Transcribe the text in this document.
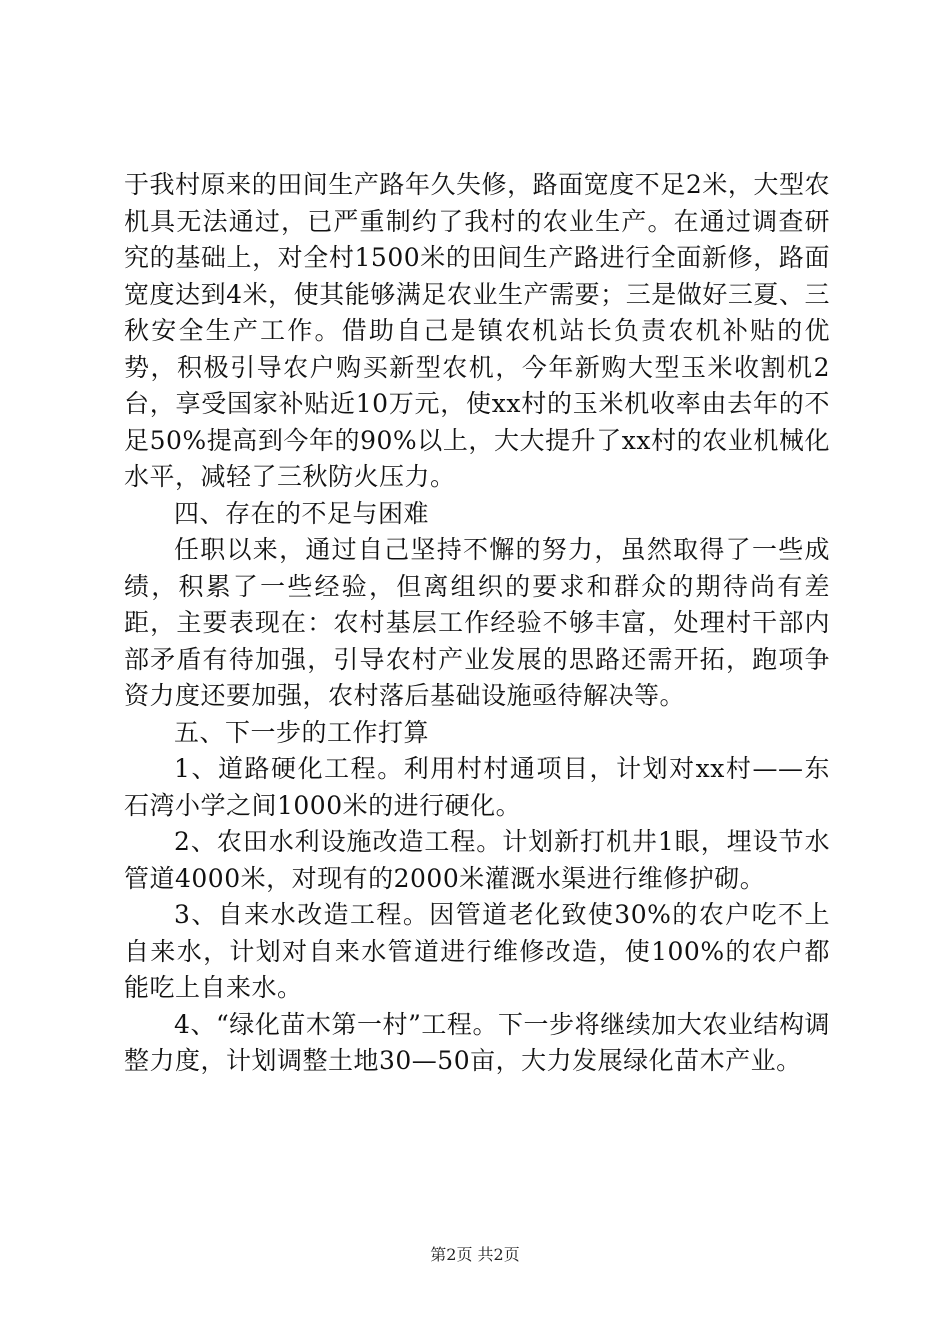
于我村原来的田间生产路年久失修，路面宽度不足2米，大型农机具无法通过，已严重制约了我村的农业生产。在通过调查研究的基础上，对全村1500米的田间生产路进行全面新修，路面宽度达到4米，使其能够满足农业生产需要；三是做好三夏、三秋安全生产工作。借助自己是镇农机站长负责农机补贴的优势，积极引导农户购买新型农机，今年新购大型玉米收割机2台，享受国家补贴近10万元，使xx村的玉米机收率由去年的不足50%提高到今年的90%以上，大大提升了xx村的农业机械化水平，减轻了三秋防火压力。

四、存在的不足与困难

任职以来，通过自己坚持不懈的努力，虽然取得了一些成绩，积累了一些经验，但离组织的要求和群众的期待尚有差距，主要表现在：农村基层工作经验不够丰富，处理村干部内部矛盾有待加强，引导农村产业发展的思路还需开拓，跑项争资力度还要加强，农村落后基础设施亟待解决等。

五、下一步的工作打算

1、道路硬化工程。利用村村通项目，计划对xx村——东石湾小学之间1000米的进行硬化。

2、农田水利设施改造工程。计划新打机井1眼，埋设节水管道4000米，对现有的2000米灌溉水渠进行维修护砌。

3、自来水改造工程。因管道老化致使30%的农户吃不上自来水，计划对自来水管道进行维修改造，使100%的农户都能吃上自来水。

4、“绿化苗木第一村”工程。下一步将继续加大农业结构调整力度，计划调整土地30—50亩，大力发展绿化苗木产业。

第2页 共2页
